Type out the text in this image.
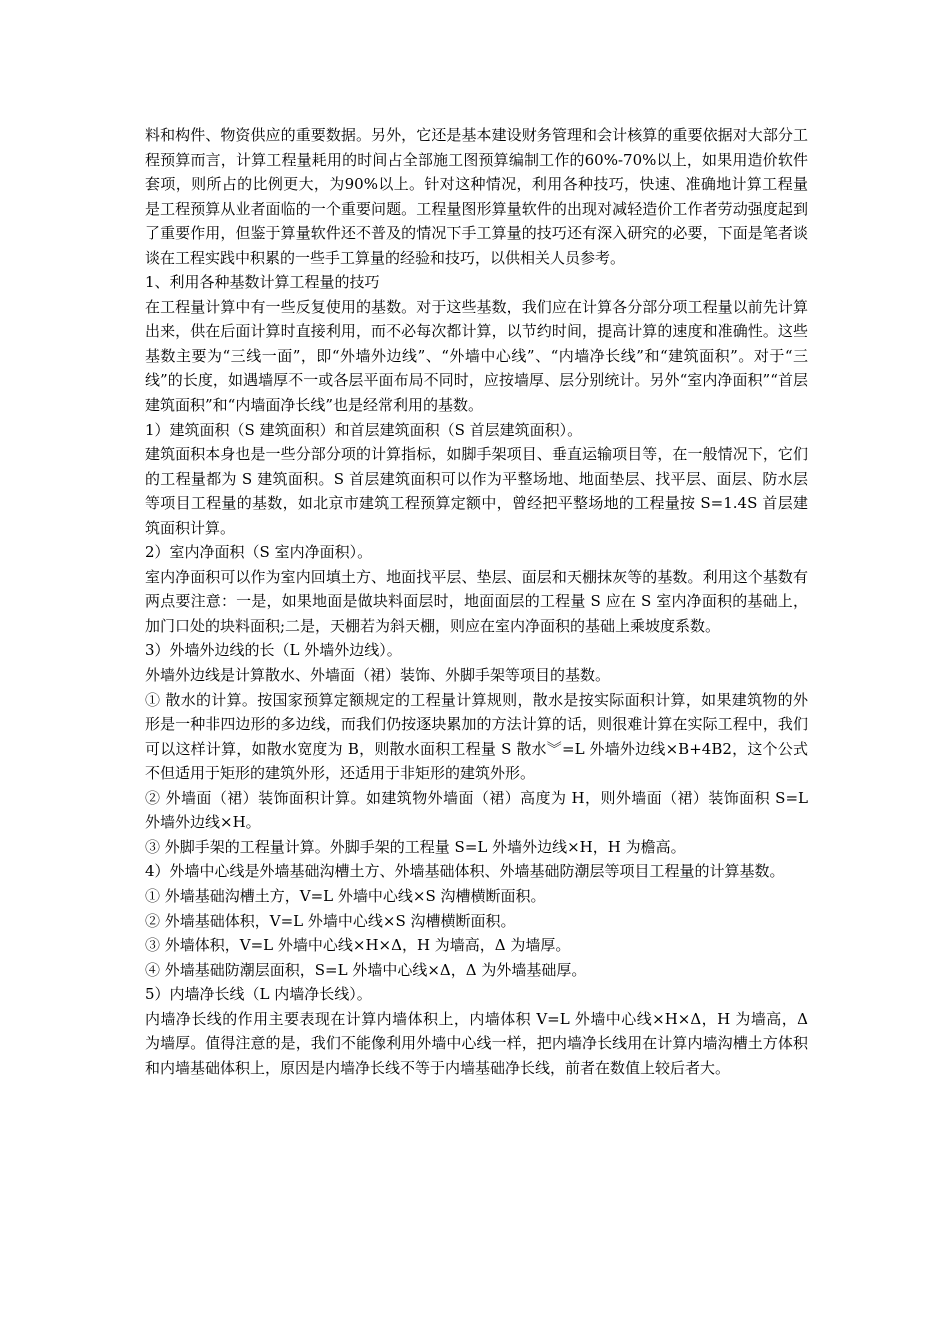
料和构件、物资供应的重要数据。另外，它还是基本建设财务管理和会计核算的重要依据对大部分工程预算而言，计算工程量耗用的时间占全部施工图预算编制工作的60%-70%以上，如果用造价软件套项，则所占的比例更大，为90%以上。针对这种情况，利用各种技巧，快速、准确地计算工程量是工程预算从业者面临的一个重要问题。工程量图形算量软件的出现对减轻造价工作者劳动强度起到了重要作用，但鉴于算量软件还不普及的情况下手工算量的技巧还有深入研究的必要，下面是笔者谈谈在工程实践中积累的一些手工算量的经验和技巧，以供相关人员参考。

1、利用各种基数计算工程量的技巧

在工程量计算中有一些反复使用的基数。对于这些基数，我们应在计算各分部分项工程量以前先计算出来，供在后面计算时直接利用，而不必每次都计算，以节约时间，提高计算的速度和准确性。这些基数主要为“三线一面”，即“外墙外边线”、“外墙中心线”、“内墙净长线”和“建筑面积”。对于“三线”的长度，如遇墙厚不一或各层平面布局不同时，应按墙厚、层分别统计。另外“室内净面积”“首层建筑面积”和“内墙面净长线”也是经常利用的基数。

1）建筑面积（S 建筑面积）和首层建筑面积（S 首层建筑面积）。

建筑面积本身也是一些分部分项的计算指标，如脚手架项目、垂直运输项目等，在一般情况下，它们的工程量都为 S 建筑面积。S 首层建筑面积可以作为平整场地、地面垫层、找平层、面层、防水层等项目工程量的基数，如北京市建筑工程预算定额中，曾经把平整场地的工程量按 S=1.4S 首层建筑面积计算。

2）室内净面积（S 室内净面积）。

室内净面积可以作为室内回填土方、地面找平层、垫层、面层和天棚抹灰等的基数。利用这个基数有两点要注意：一是，如果地面是做块料面层时，地面面层的工程量 S 应在 S 室内净面积的基础上，加门口处的块料面积;二是，天棚若为斜天棚，则应在室内净面积的基础上乘坡度系数。

3）外墙外边线的长（L 外墙外边线）。

外墙外边线是计算散水、外墙面（裙）装饰、外脚手架等项目的基数。

① 散水的计算。按国家预算定额规定的工程量计算规则，散水是按实际面积计算，如果建筑物的外形是一种非四边形的多边线，而我们仍按逐块累加的方法计算的话，则很难计算在实际工程中，我们可以这样计算，如散水宽度为 B，则散水面积工程量 S 散水︾=L 外墙外边线×B+4B2，这个公式不但适用于矩形的建筑外形，还适用于非矩形的建筑外形。

② 外墙面（裙）装饰面积计算。如建筑物外墙面（裙）高度为 H，则外墙面（裙）装饰面积 S=L 外墙外边线×H。

③ 外脚手架的工程量计算。外脚手架的工程量 S=L 外墙外边线×H，H 为檐高。

4）外墙中心线是外墙基础沟槽土方、外墙基础体积、外墙基础防潮层等项目工程量的计算基数。

① 外墙基础沟槽土方，V=L 外墙中心线×S 沟槽横断面积。

② 外墙基础体积，V=L 外墙中心线×S 沟槽横断面积。

③ 外墙体积，V=L 外墙中心线×H×Δ，H 为墙高，Δ 为墙厚。

④ 外墙基础防潮层面积，S=L 外墙中心线×Δ，Δ 为外墙基础厚。

5）内墙净长线（L 内墙净长线）。

内墙净长线的作用主要表现在计算内墙体积上，内墙体积 V=L 外墙中心线×H×Δ，H 为墙高，Δ 为墙厚。值得注意的是，我们不能像利用外墙中心线一样，把内墙净长线用在计算内墙沟槽土方体积和内墙基础体积上，原因是内墙净长线不等于内墙基础净长线，前者在数值上较后者大。
